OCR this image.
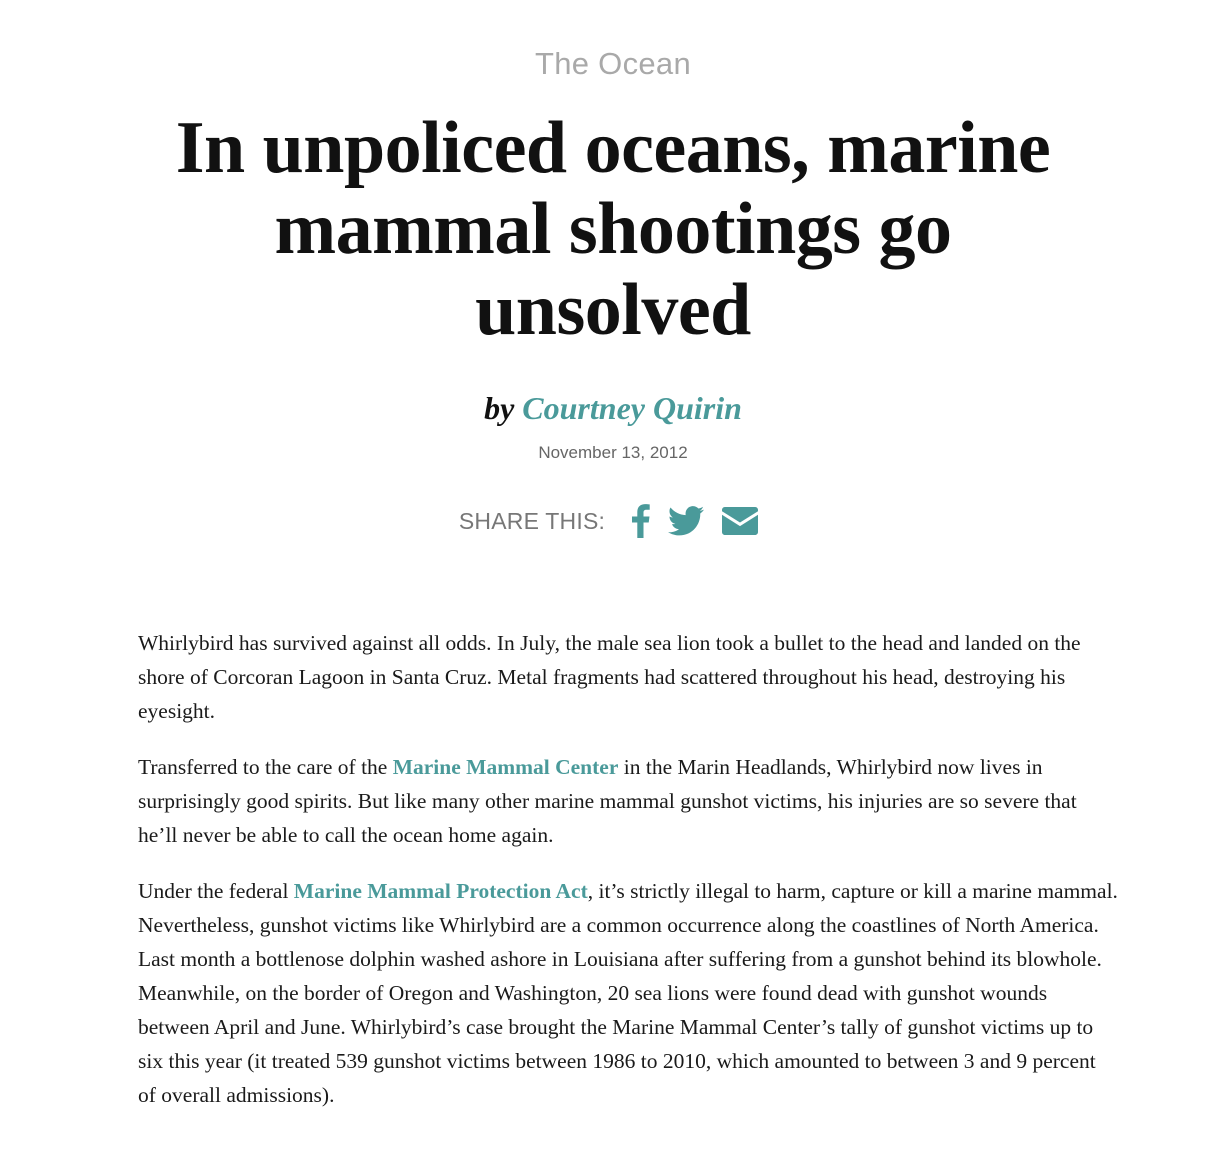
The Ocean
In unpoliced oceans, marine mammal shootings go unsolved
by Courtney Quirin
November 13, 2012
SHARE THIS:

Whirlybird has survived against all odds. In July, the male sea lion took a bullet to the head and landed on the shore of Corcoran Lagoon in Santa Cruz. Metal fragments had scattered throughout his head, destroying his eyesight.

Transferred to the care of the Marine Mammal Center in the Marin Headlands, Whirlybird now lives in surprisingly good spirits. But like many other marine mammal gunshot victims, his injuries are so severe that he’ll never be able to call the ocean home again.

Under the federal Marine Mammal Protection Act, it’s strictly illegal to harm, capture or kill a marine mammal. Nevertheless, gunshot victims like Whirlybird are a common occurrence along the coastlines of North America. Last month a bottlenose dolphin washed ashore in Louisiana after suffering from a gunshot behind its blowhole. Meanwhile, on the border of Oregon and Washington, 20 sea lions were found dead with gunshot wounds between April and June. Whirlybird’s case brought the Marine Mammal Center’s tally of gunshot victims up to six this year (it treated 539 gunshot victims between 1986 to 2010, which amounted to between 3 and 9 percent of overall admissions).
